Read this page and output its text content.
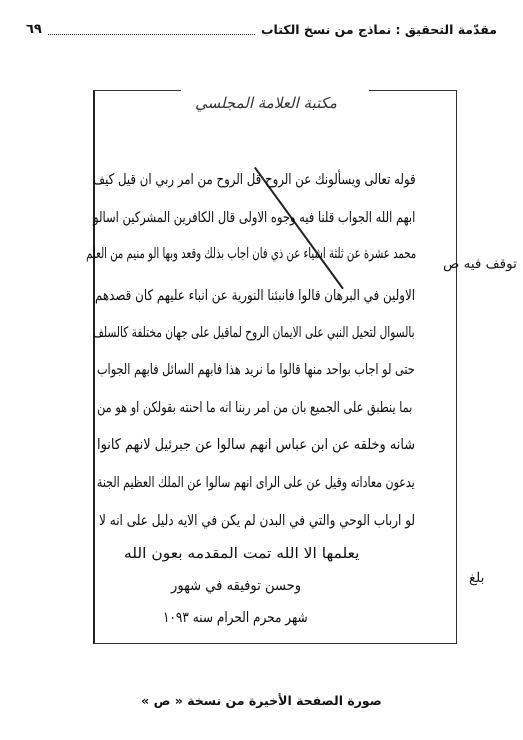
مقدّمة التحقيق : نماذج من نسخ الكتاب
٦٩
مكتبة العلامة المجلسي
قوله تعالى ويسألونك عن الروح قل الروح من امر ربي ان قيل كيف
ابهم الله الجواب قلنا فيه وجوه الاولى قال الكافرين المشركين اسالو
محمد عشرة عن ثلثة اشياء عن ذي فان اجاب بذلك وقعد وبها الو منيم من العلم
الاولين في البرهان قالوا فانبئنا النورية عن انباء عليهم كان قصدهم
بالسوال لتحيل النبي على الايمان الروح لماقيل على جهان مختلفة كالسلف
حتى لو اجاب بواحد منها قالوا ما نريد هذا فابهم السائل فابهم الجواب
بما ينطبق على الجميع بان من امر ربنا انه ما احنته بقولكن او هو من
شانه وخلقه عن ابن عباس انهم سالوا عن جبرئيل لانهم كانوا
يدعون معاداته وقيل عن على الراى انهم سالوا عن الملك العظيم الجنة
لو ارباب الوحي والتي في البدن لم يكن في الايه دليل على انه لا
يعلمها الا الله تمت المقدمه بعون الله
وحسن توفيقه في شهور
شهر محرم الحرام سنه ١٠٩٣
توقف فيه ص
بلغ
صورة الصفحة الأخيرة من نسخة « ص »
